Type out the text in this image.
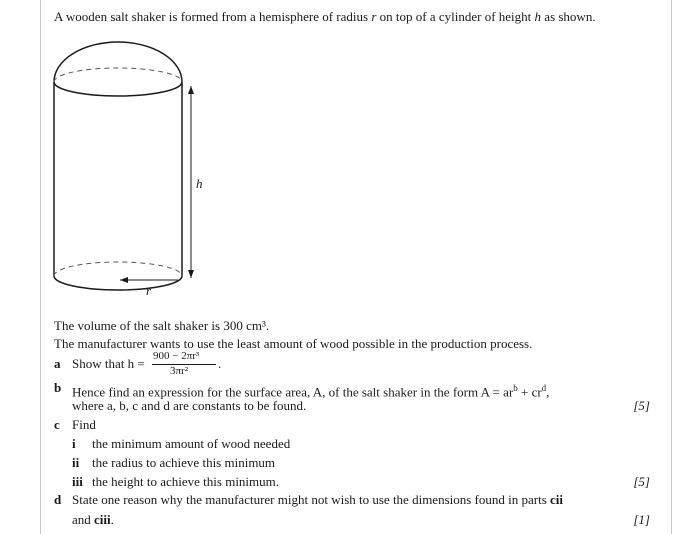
A wooden salt shaker is formed from a hemisphere of radius r on top of a cylinder of height h as shown.
h
r
The volume of the salt shaker is 300 cm³.
The manufacturer wants to use the least amount of wood possible in the production process.
a Show that h = 900 − 2πr³
3πr² .
b Hence find an expression for the surface area, A, of the salt shaker in the form $A = ar^b + cr^d$,
where a, b, c and d are constants to be found.	[5]
c Find
i the minimum amount of wood needed
ii the radius to achieve this minimum
iii the height to achieve this minimum.	[5]
d State one reason why the manufacturer might not wish to use the dimensions found in parts cii
and ciii.	[1]
